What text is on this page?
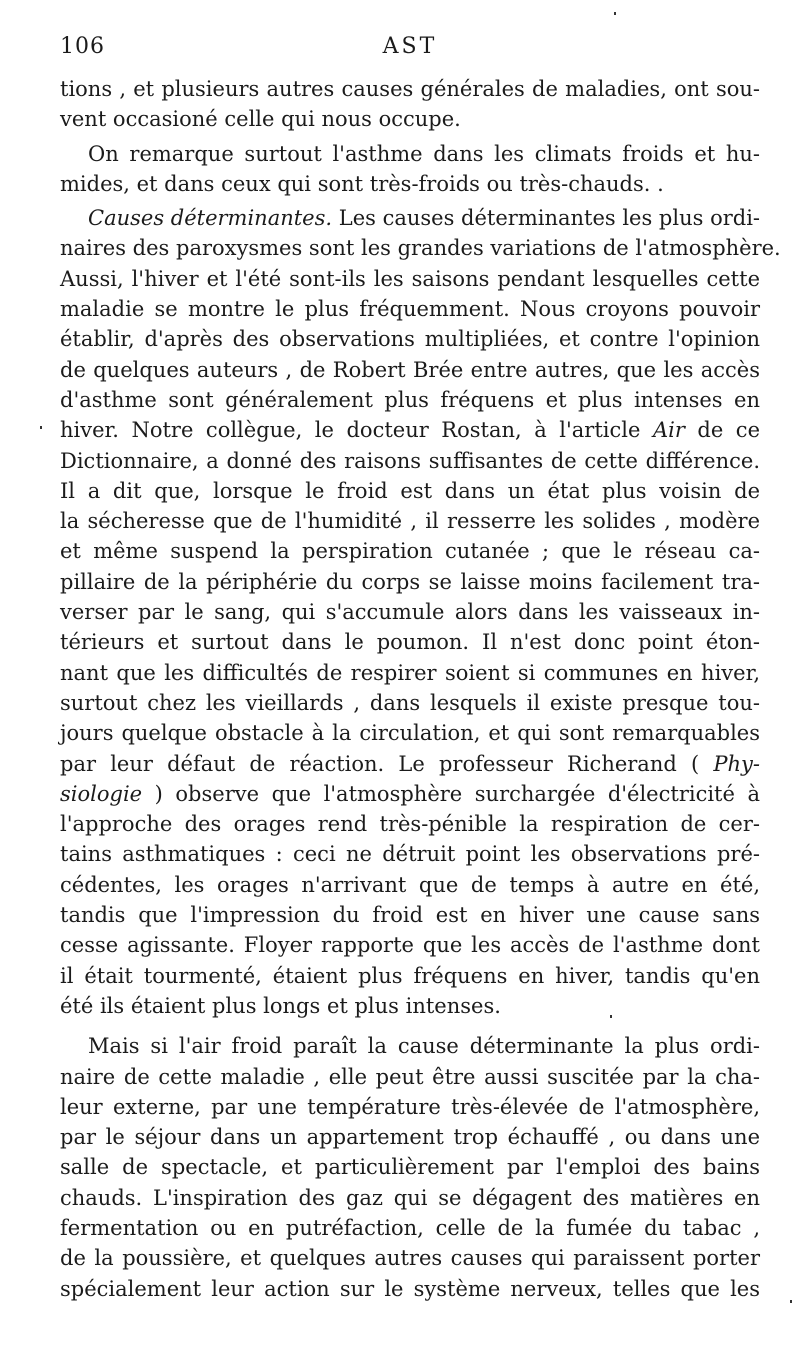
106	AST
tions , et plusieurs autres causes générales de maladies, ont sou-
vent occasioné celle qui nous occupe.
On remarque surtout l'asthme dans les climats froids et hu-
mides, et dans ceux qui sont très-froids ou très-chauds. .
Causes déterminantes. Les causes déterminantes les plus ordi-
naires des paroxysmes sont les grandes variations de l'atmosphère.
Aussi, l'hiver et l'été sont-ils les saisons pendant lesquelles cette
maladie se montre le plus fréquemment. Nous croyons pouvoir
établir, d'après des observations multipliées, et contre l'opinion
de quelques auteurs , de Robert Brée entre autres, que les accès
d'asthme sont généralement plus fréquens et plus intenses en
hiver. Notre collègue, le docteur Rostan, à l'article Air de ce
Dictionnaire, a donné des raisons suffisantes de cette différence.
Il a dit que, lorsque le froid est dans un état plus voisin de
la sécheresse que de l'humidité , il resserre les solides , modère
et même suspend la perspiration cutanée ; que le réseau ca-
pillaire de la périphérie du corps se laisse moins facilement tra-
verser par le sang, qui s'accumule alors dans les vaisseaux in-
térieurs et surtout dans le poumon. Il n'est donc point éton-
nant que les difficultés de respirer soient si communes en hiver,
surtout chez les vieillards , dans lesquels il existe presque tou-
jours quelque obstacle à la circulation, et qui sont remarquables
par leur défaut de réaction. Le professeur Richerand ( Phy-
siologie ) observe que l'atmosphère surchargée d'électricité à
l'approche des orages rend très-pénible la respiration de cer-
tains asthmatiques : ceci ne détruit point les observations pré-
cédentes, les orages n'arrivant que de temps à autre en été,
tandis que l'impression du froid est en hiver une cause sans
cesse agissante. Floyer rapporte que les accès de l'asthme dont
il était tourmenté, étaient plus fréquens en hiver, tandis qu'en
été ils étaient plus longs et plus intenses.
Mais si l'air froid paraît la cause déterminante la plus ordi-
naire de cette maladie , elle peut être aussi suscitée par la cha-
leur externe, par une température très-élevée de l'atmosphère,
par le séjour dans un appartement trop échauffé , ou dans une
salle de spectacle, et particulièrement par l'emploi des bains
chauds. L'inspiration des gaz qui se dégagent des matières en
fermentation ou en putréfaction, celle de la fumée du tabac ,
de la poussière, et quelques autres causes qui paraissent porter
spécialement leur action sur le système nerveux, telles que les
